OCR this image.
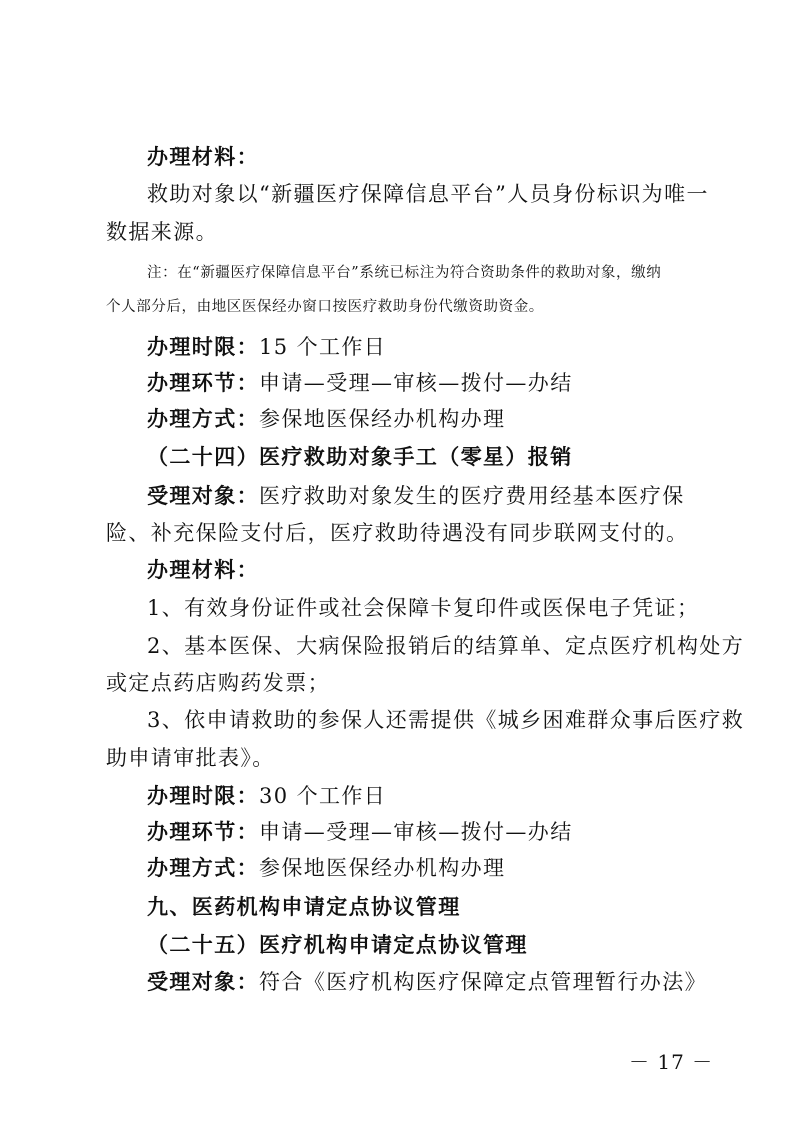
办理材料：
救助对象以“新疆医疗保障信息平台”人员身份标识为唯一
数据来源。
注：在“新疆医疗保障信息平台”系统已标注为符合资助条件的救助对象，缴纳
个人部分后，由地区医保经办窗口按医疗救助身份代缴资助资金。
办理时限：15 个工作日
办理环节：申请—受理—审核—拨付—办结
办理方式：参保地医保经办机构办理
（二十四）医疗救助对象手工（零星）报销
受理对象：医疗救助对象发生的医疗费用经基本医疗保
险、补充保险支付后，医疗救助待遇没有同步联网支付的。
办理材料：
1、有效身份证件或社会保障卡复印件或医保电子凭证；
2、基本医保、大病保险报销后的结算单、定点医疗机构处方
或定点药店购药发票；
3、依申请救助的参保人还需提供《城乡困难群众事后医疗救
助申请审批表》。
办理时限：30 个工作日
办理环节：申请—受理—审核—拨付—办结
办理方式：参保地医保经办机构办理
九、医药机构申请定点协议管理
（二十五）医疗机构申请定点协议管理
受理对象：符合《医疗机构医疗保障定点管理暂行办法》
－ 17 －
